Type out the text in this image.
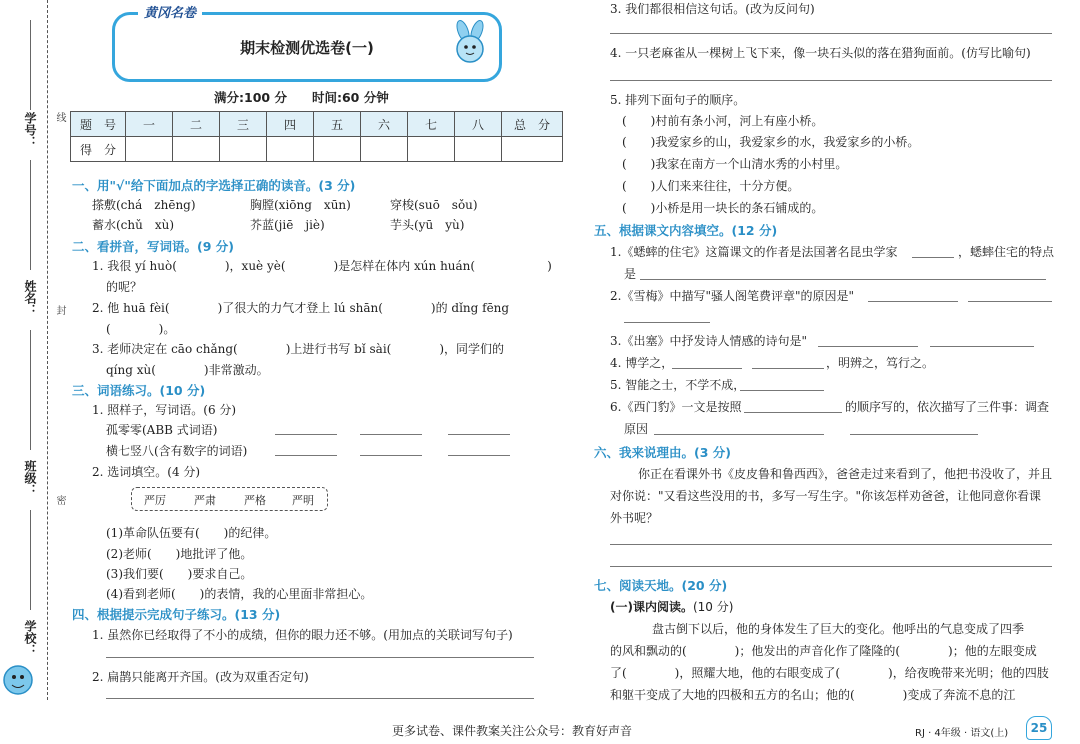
学号：
姓名：
班级：
学校：
线
封
密
期末检测优选卷(一)
黄冈名卷
满分:100 分　　时间:60 分钟
题　号	一	二	三	四	五	六	七	八	总　分
得　分									
一、用"√"给下面加点的字选择正确的读音。(3 分)
搽敷(chá　zhēng)	胸膛(xiōng　xūn)	穿梭(suō　sǒu)
蓄水(chǔ　xù)	芥蓝(jiē　jiè)	芋头(yū　yù)
二、看拼音，写词语。(9 分)
1. 我很 yí huò(　　　　)，xuè yè(　　　　)是怎样在体内 xún huán(　　　　　　)
的呢？
2. 他 huā fèi(　　　　)了很大的力气才登上 lú shān(　　　　)的 dǐng fēng
(　　　　)。
3. 老师决定在 cāo chǎng(　　　　)上进行书写 bǐ sài(　　　　)，同学们的
qíng xù(　　　　)非常激动。
三、词语练习。(10 分)
1. 照样子，写词语。(6 分)
孤零零(ABB 式词语)
横七竖八(含有数字的词语)
2. 选词填空。(4 分)
严厉	严肃	严格 严明
(1)革命队伍要有(　　)的纪律。
(2)老师(　　)地批评了他。
(3)我们要(　　)要求自己。
(4)看到老师(　　)的表情，我的心里面非常担心。
四、根据提示完成句子练习。(13 分)
1. 虽然你已经取得了不小的成绩，但你的眼力还不够。(用加点的关联词写句子)
2. 扁鹊只能离开齐国。(改为双重否定句)
3. 我们都很相信这句话。(改为反问句)
4. 一只老麻雀从一棵树上飞下来，像一块石头似的落在猎狗面前。(仿写比喻句)
5. 排列下面句子的顺序。
(　　)村前有条小河，河上有座小桥。
(　　)我爱家乡的山，我爱家乡的水，我爱家乡的小桥。
(　　)我家在南方一个山清水秀的小村里。
(　　)人们来来往往，十分方便。
(　　)小桥是用一块长的条石铺成的。
五、根据课文内容填空。(12 分)
1.《蟋蟀的住宅》这篇课文的作者是法国著名昆虫学家	，蟋蟀住宅的特点
是
2.《雪梅》中描写"骚人阁笔费评章"的原因是"
3.《出塞》中抒发诗人情感的诗句是"
4. 博学之，	，明辨之，笃行之。
5. 智能之士，不学不成，
6.《西门豹》一文是按照	的顺序写的，依次描写了三件事：调查
原因
六、我来说理由。(3 分)
你正在看课外书《皮皮鲁和鲁西西》，爸爸走过来看到了，他把书没收了，并且
对你说："又看这些没用的书，多写一写生字。"你该怎样劝爸爸，让他同意你看课
外书呢？
七、阅读天地。(20 分)
(一)课内阅读。(10 分)
盘古倒下以后，他的身体发生了巨大的变化。他呼出的气息变成了四季
的风和飘动的(　　　　)；他发出的声音化作了隆隆的(　　　　)；他的左眼变成
了(　　　　)，照耀大地，他的右眼变成了(　　　　)，给夜晚带来光明；他的四肢
和躯干变成了大地的四极和五方的名山；他的(　　　　)变成了奔流不息的江
更多试卷、课件教案关注公众号：教育好声音	RJ · 4年级 · 语文(上)	25
